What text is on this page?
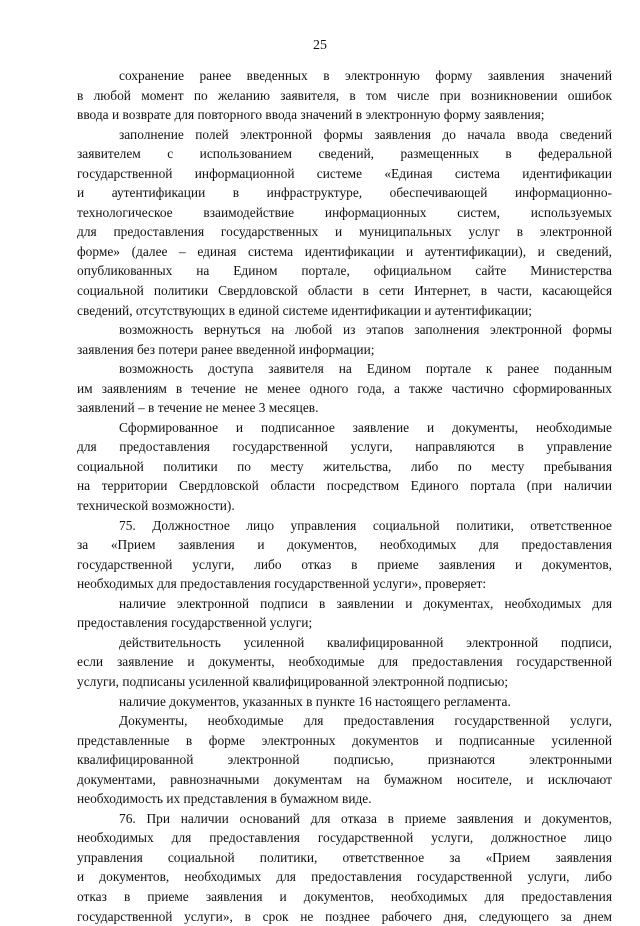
25
сохранение ранее введенных в электронную форму заявления значений
в любой момент по желанию заявителя, в том числе при возникновении ошибок
ввода и возврате для повторного ввода значений в электронную форму заявления;
заполнение полей электронной формы заявления до начала ввода сведений
заявителем с использованием сведений, размещенных в федеральной
государственной информационной системе «Единая система идентификации
и аутентификации в инфраструктуре, обеспечивающей информационно-
технологическое взаимодействие информационных систем, используемых
для предоставления государственных и муниципальных услуг в электронной
форме» (далее – единая система идентификации и аутентификации), и сведений,
опубликованных на Едином портале, официальном сайте Министерства
социальной политики Свердловской области в сети Интернет, в части, касающейся
сведений, отсутствующих в единой системе идентификации и аутентификации;
возможность вернуться на любой из этапов заполнения электронной формы
заявления без потери ранее введенной информации;
возможность доступа заявителя на Едином портале к ранее поданным
им заявлениям в течение не менее одного года, а также частично сформированных
заявлений – в течение не менее 3 месяцев.
Сформированное и подписанное заявление и документы, необходимые
для предоставления государственной услуги, направляются в управление
социальной политики по месту жительства, либо по месту пребывания
на территории Свердловской области посредством Единого портала (при наличии
технической возможности).
75. Должностное лицо управления социальной политики, ответственное
за «Прием заявления и документов, необходимых для предоставления
государственной услуги, либо отказ в приеме заявления и документов,
необходимых для предоставления государственной услуги», проверяет:
наличие электронной подписи в заявлении и документах, необходимых для
предоставления государственной услуги;
действительность усиленной квалифицированной электронной подписи,
если заявление и документы, необходимые для предоставления государственной
услуги, подписаны усиленной квалифицированной электронной подписью;
наличие документов, указанных в пункте 16 настоящего регламента.
Документы, необходимые для предоставления государственной услуги,
представленные в форме электронных документов и подписанные усиленной
квалифицированной электронной подписью, признаются электронными
документами, равнозначными документам на бумажном носителе, и исключают
необходимость их представления в бумажном виде.
76. При наличии оснований для отказа в приеме заявления и документов,
необходимых для предоставления государственной услуги, должностное лицо
управления социальной политики, ответственное за «Прием заявления
и документов, необходимых для предоставления государственной услуги, либо
отказ в приеме заявления и документов, необходимых для предоставления
государственной услуги», в срок не позднее рабочего дня, следующего за днем
